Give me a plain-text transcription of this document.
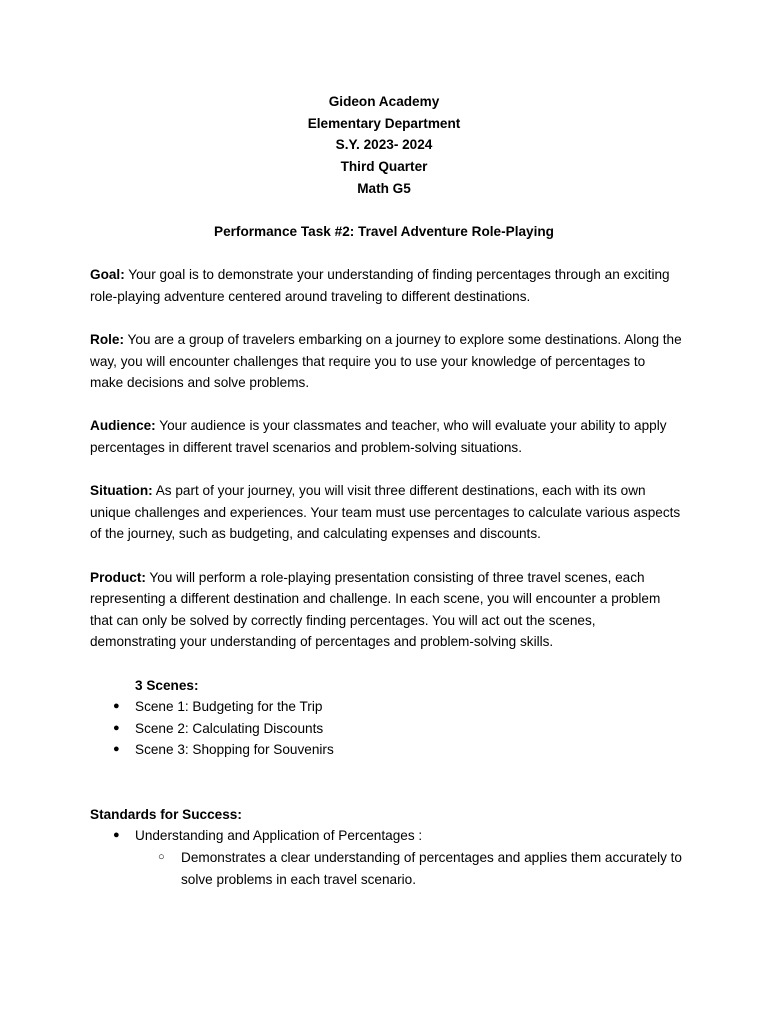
Gideon Academy
Elementary Department
S.Y. 2023- 2024
Third Quarter
Math G5
Performance Task #2: Travel Adventure Role-Playing
Goal: Your goal is to demonstrate your understanding of finding percentages through an exciting role-playing adventure centered around traveling to different destinations.
Role: You are a group of travelers embarking on a journey to explore some destinations. Along the way, you will encounter challenges that require you to use your knowledge of percentages to make decisions and solve problems.
Audience: Your audience is your classmates and teacher, who will evaluate your ability to apply percentages in different travel scenarios and problem-solving situations.
Situation: As part of your journey, you will visit three different destinations, each with its own unique challenges and experiences. Your team must use percentages to calculate various aspects of the journey, such as budgeting, and calculating expenses and discounts.
Product: You will perform a role-playing presentation consisting of three travel scenes, each representing a different destination and challenge. In each scene, you will encounter a problem that can only be solved by correctly finding percentages. You will act out the scenes, demonstrating your understanding of percentages and problem-solving skills.
3 Scenes:
● Scene 1: Budgeting for the Trip
● Scene 2: Calculating Discounts
● Scene 3: Shopping for Souvenirs
Standards for Success:
● Understanding and Application of Percentages :
○ Demonstrates a clear understanding of percentages and applies them accurately to solve problems in each travel scenario.
